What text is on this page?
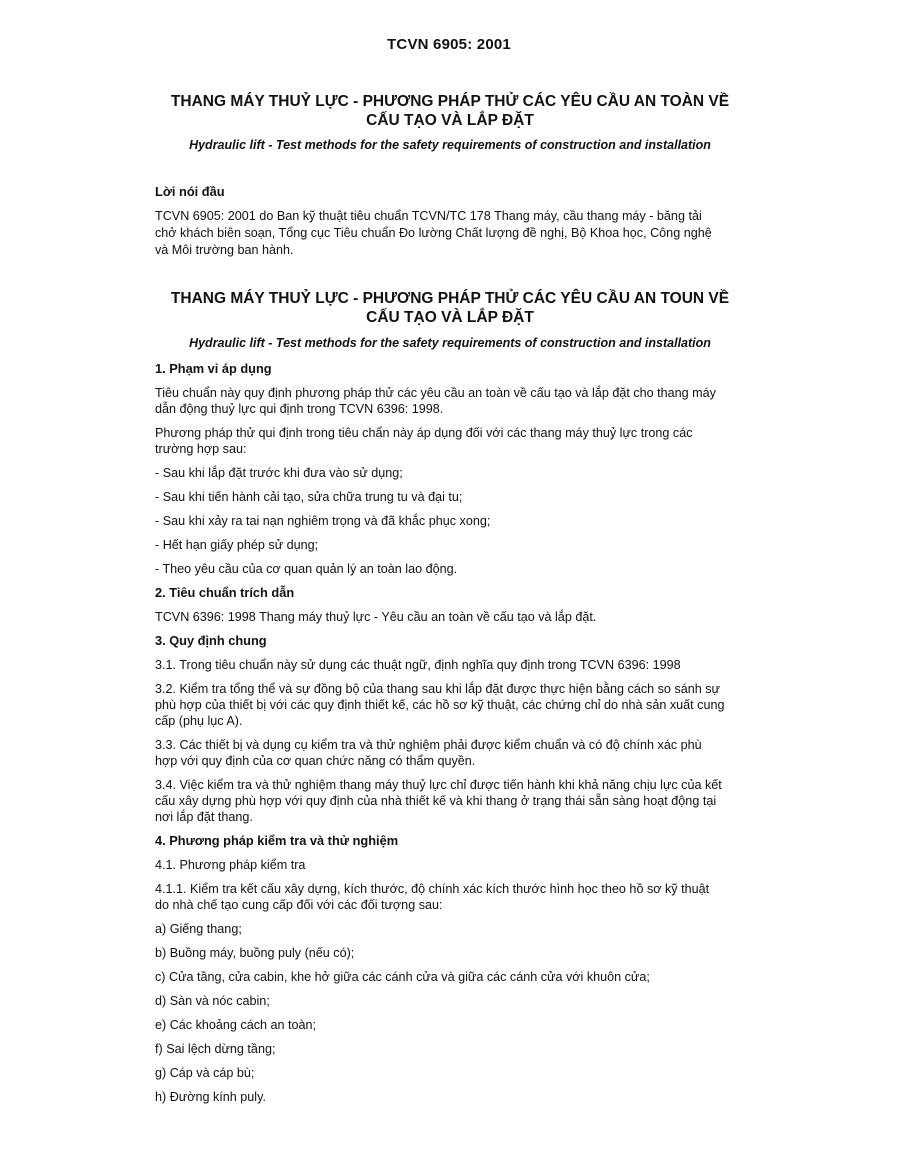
TCVN 6905: 2001
THANG MÁY THUỶ LỰC - PHƯƠNG PHÁP THỬ CÁC YÊU CẦU AN TOÀN VỀ
CẤU TẠO VÀ LẮP ĐẶT
Hydraulic lift - Test methods for the safety requirements of construction and installation
Lời nói đầu
TCVN 6905: 2001 do Ban kỹ thuật tiêu chuẩn TCVN/TC 178 Thang máy, cầu thang máy - băng tải
chở khách biên soạn, Tổng cục Tiêu chuẩn Đo lường Chất lượng đề nghị, Bộ Khoa học, Công nghệ
và Môi trường ban hành.
THANG MÁY THUỶ LỰC - PHƯƠNG PHÁP THỬ CÁC YÊU CẦU AN TOUN VỀ
CẤU TẠO VÀ LẮP ĐẶT
Hydraulic lift - Test methods for the safety requirements of construction and installation
1. Phạm vi áp dụng
Tiêu chuẩn này quy định phương pháp thử các yêu cầu an toàn về cấu tạo và lắp đặt cho thang máy
dẫn động thuỷ lực qui định trong TCVN 6396: 1998.
Phương pháp thử qui định trong tiêu chẩn này áp dụng đối với các thang máy thuỷ lực trong các
trường hợp sau:
- Sau khi lắp đặt trước khi đưa vào sử dụng;
- Sau khi tiến hành cải tạo, sửa chữa trung tu và đại tu;
- Sau khi xảy ra tai nạn nghiêm trọng và đã khắc phục xong;
- Hết hạn giấy phép sử dụng;
- Theo yêu cầu của cơ quan quản lý an toàn lao động.
2. Tiêu chuẩn trích dẫn
TCVN 6396: 1998 Thang máy thuỷ lực - Yêu cầu an toàn về cấu tạo và lắp đặt.
3. Quy định chung
3.1. Trong tiêu chuẩn này sử dụng các thuật ngữ, định nghĩa quy định trong TCVN 6396: 1998
3.2. Kiểm tra tổng thể và sự đồng bộ của thang sau khi lắp đặt được thực hiện bằng cách so sánh sự
phù hợp của thiết bị với các quy định thiết kế, các hồ sơ kỹ thuật, các chứng chỉ do nhà sản xuất cung
cấp (phụ lục A).
3.3. Các thiết bị và dụng cụ kiểm tra và thử nghiệm phải được kiểm chuẩn và có độ chính xác phù
hợp với quy định của cơ quan chức năng có thẩm quyền.
3.4. Việc kiểm tra và thử nghiệm thang máy thuỷ lực chỉ được tiến hành khi khả năng chịu lực của kết
cấu xây dựng phù hợp với quy định của nhà thiết kế và khi thang ở trạng thái sẵn sàng hoạt động tại
nơi lắp đặt thang.
4. Phương pháp kiểm tra và thử nghiệm
4.1. Phương pháp kiểm tra
4.1.1. Kiểm tra kết cấu xây dựng, kích thước, độ chính xác kích thước hình học theo hồ sơ kỹ thuật
do nhà chế tạo cung cấp đối với các đối tượng sau:
a) Giếng thang;
b) Buồng máy, buồng puly (nếu có);
c) Cửa tầng, cửa cabin, khe hở giữa các cánh cửa và giữa các cánh cửa với khuôn cửa;
d) Sàn và nóc cabin;
e) Các khoảng cách an toàn;
f) Sai lệch dừng tầng;
g) Cáp và cáp bù;
h) Đường kính puly.
